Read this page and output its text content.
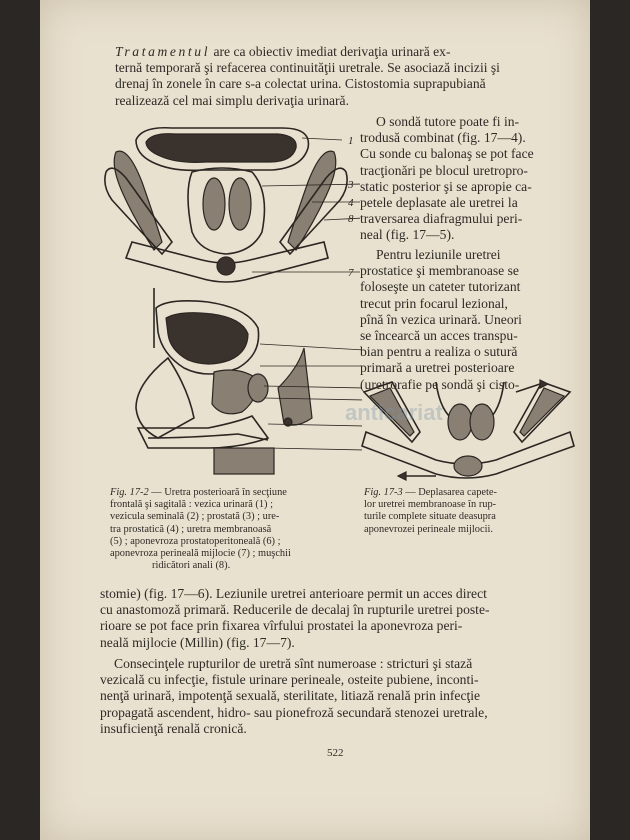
Tratamentul are ca obiectiv imediat derivaţia urinară ex-
ternă temporară şi refacerea continuităţii uretrale. Se asociază incizii şi
drenaj în zonele în care s-a colectat urina. Cistostomia suprapubiană
realizează cel mai simplu derivaţia urinară.
O sondă tutore poate fi in-
trodusă combinat (fig. 17—4).
Cu sonde cu balonaş se pot face
tracţionări pe blocul uretropro-
static posterior şi se apropie ca-
petele deplasate ale uretrei la
traversarea diafragmului peri-
neal (fig. 17—5).
Pentru leziunile uretrei
prostatice şi membranoase se
foloseşte un cateter tutorizant
trecut prin focarul lezional,
pînă în vezica urinară. Uneori
se încearcă un acces transpu-
bian pentru a realiza o sutură
primară a uretrei posterioare
(uretrorafie pe sondă şi cisto-
1
3
4
8
7
anticariat
Fig. 17-2 — Uretra posterioară în secţiune
frontală şi sagitală : vezica urinară (1) ;
vezicula seminală (2) ; prostată (3) ; ure-
tra prostatică (4) ; uretra membranoasă
(5) ; aponevroza prostatoperitoneală (6) ;
aponevroza perineală mijlocie (7) ; muşchii
ridicători anali (8).
Fig. 17-3 — Deplasarea capete-
lor uretrei membranoase în rup-
turile complete situate deasupra
aponevrozei perineale mijlocii.
stomie) (fig. 17—6). Leziunile uretrei anterioare permit un acces direct
cu anastomoză primară. Reducerile de decalaj în rupturile uretrei poste-
rioare se pot face prin fixarea vîrfului prostatei la aponevroza peri-
neală mijlocie (Millin) (fig. 17—7).
Consecinţele rupturilor de uretră sînt numeroase : stricturi şi stază
vezicală cu infecţie, fistule urinare perineale, osteite pubiene, inconti-
nenţă urinară, impotenţă sexuală, sterilitate, litiază renală prin infecţie
propagată ascendent, hidro- sau pionefroză secundară stenozei uretrale,
insuficienţă renală cronică.
522
